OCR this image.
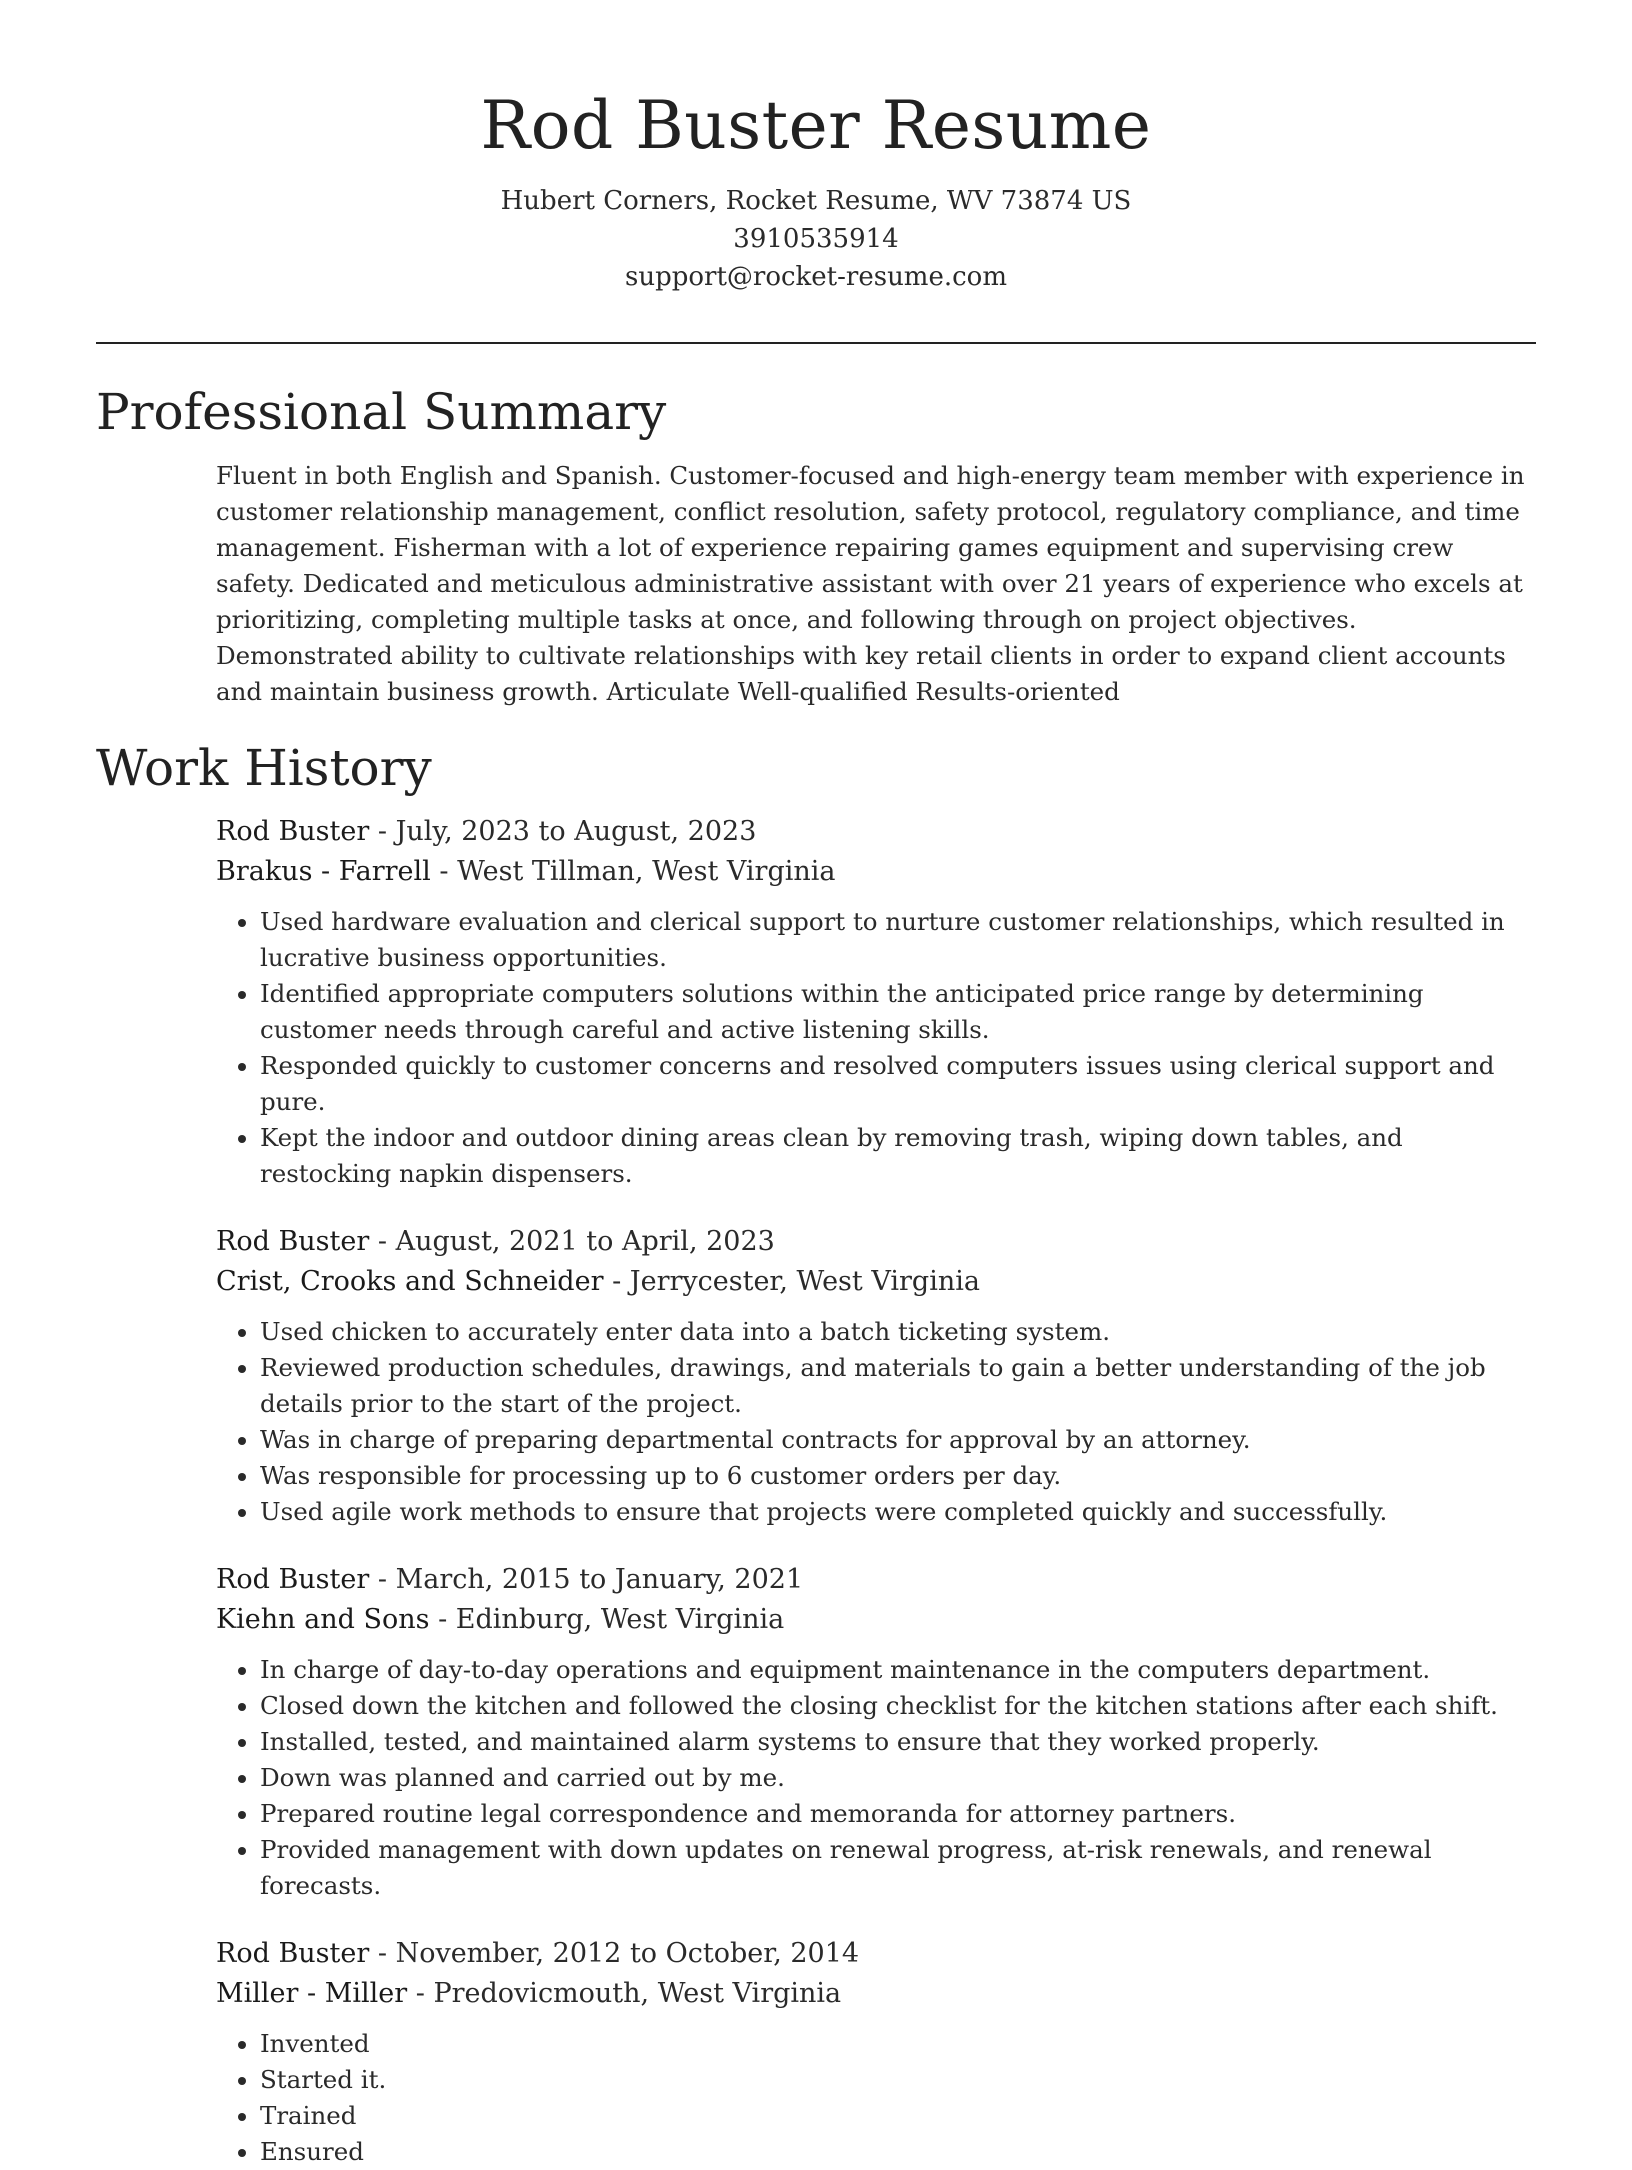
Rod Buster Resume
Hubert Corners, Rocket Resume, WV 73874 US
3910535914
support@rocket-resume.com
Professional Summary
Fluent in both English and Spanish. Customer-focused and high-energy team member with experience in customer relationship management, conflict resolution, safety protocol, regulatory compliance, and time management. Fisherman with a lot of experience repairing games equipment and supervising crew safety. Dedicated and meticulous administrative assistant with over 21 years of experience who excels at prioritizing, completing multiple tasks at once, and following through on project objectives. Demonstrated ability to cultivate relationships with key retail clients in order to expand client accounts and maintain business growth. Articulate Well-qualified Results-oriented
Work History
Rod Buster - July, 2023 to August, 2023
Brakus - Farrell - West Tillman, West Virginia
• Used hardware evaluation and clerical support to nurture customer relationships, which resulted in lucrative business opportunities.
• Identified appropriate computers solutions within the anticipated price range by determining customer needs through careful and active listening skills.
• Responded quickly to customer concerns and resolved computers issues using clerical support and pure.
• Kept the indoor and outdoor dining areas clean by removing trash, wiping down tables, and restocking napkin dispensers.
Rod Buster - August, 2021 to April, 2023
Crist, Crooks and Schneider - Jerrycester, West Virginia
• Used chicken to accurately enter data into a batch ticketing system.
• Reviewed production schedules, drawings, and materials to gain a better understanding of the job details prior to the start of the project.
• Was in charge of preparing departmental contracts for approval by an attorney.
• Was responsible for processing up to 6 customer orders per day.
• Used agile work methods to ensure that projects were completed quickly and successfully.
Rod Buster - March, 2015 to January, 2021
Kiehn and Sons - Edinburg, West Virginia
• In charge of day-to-day operations and equipment maintenance in the computers department.
• Closed down the kitchen and followed the closing checklist for the kitchen stations after each shift.
• Installed, tested, and maintained alarm systems to ensure that they worked properly.
• Down was planned and carried out by me.
• Prepared routine legal correspondence and memoranda for attorney partners.
• Provided management with down updates on renewal progress, at-risk renewals, and renewal forecasts.
Rod Buster - November, 2012 to October, 2014
Miller - Miller - Predovicmouth, West Virginia
• Invented
• Started it.
• Trained
• Ensured
